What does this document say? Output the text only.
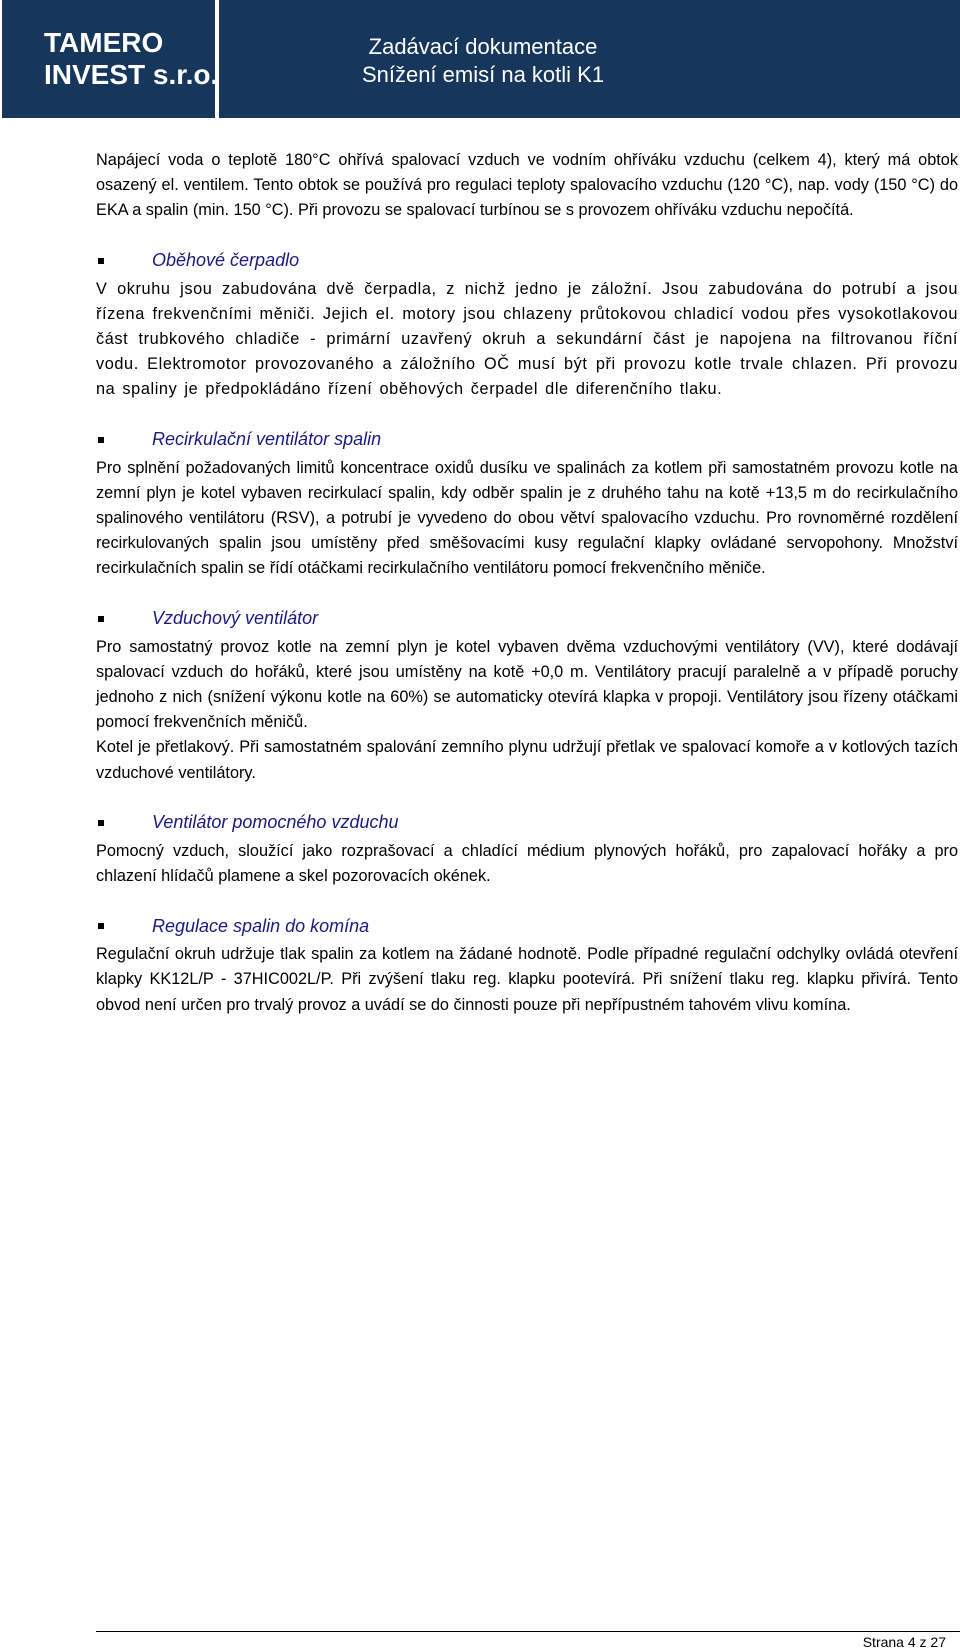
TAMERO
INVEST s.r.o.
Zadávací dokumentace
Snížení emisí na kotli K1

Napájecí voda o teplotě 180°C ohřívá spalovací vzduch ve vodním ohříváku vzduchu (celkem 4), který má obtok osazený el. ventilem. Tento obtok se používá pro regulaci teploty spalovacího vzduchu (120 °C), nap. vody (150 °C) do EKA a spalin (min. 150 °C). Při provozu se spalovací turbínou se s provozem ohříváku vzduchu nepočítá.

Oběhové čerpadlo

V okruhu jsou zabudována dvě čerpadla, z nichž jedno je záložní. Jsou zabudována do potrubí a jsou řízena frekvenčními měniči. Jejich el. motory jsou chlazeny průtokovou chladicí vodou přes vysokotlakovou část trubkového chladiče - primární uzavřený okruh a sekundární část je napojena na filtrovanou říční vodu. Elektromotor provozovaného a záložního OČ musí být při provozu kotle trvale chlazen. Při provozu na spaliny je předpokládáno řízení oběhových čerpadel dle diferenčního tlaku.

Recirkulační ventilátor spalin

Pro splnění požadovaných limitů koncentrace oxidů dusíku ve spalinách za kotlem při samostatném provozu kotle na zemní plyn je kotel vybaven recirkulací spalin, kdy odběr spalin je z druhého tahu na kotě +13,5 m do recirkulačního spalinového ventilátoru (RSV), a potrubí je vyvedeno do obou větví spalovacího vzduchu. Pro rovnoměrné rozdělení recirkulovaných spalin jsou umístěny před směšovacími kusy regulační klapky ovládané servopohony. Množství recirkulačních spalin se řídí otáčkami recirkulačního ventilátoru pomocí frekvenčního měniče.

Vzduchový ventilátor

Pro samostatný provoz kotle na zemní plyn je kotel vybaven dvěma vzduchovými ventilátory (VV), které dodávají spalovací vzduch do hořáků, které jsou umístěny na kotě +0,0 m. Ventilátory pracují paralelně a v případě poruchy jednoho z nich (snížení výkonu kotle na 60%) se automaticky otevírá klapka v propoji. Ventilátory jsou řízeny otáčkami pomocí frekvenčních měničů.

Kotel je přetlakový. Při samostatném spalování zemního plynu udržují přetlak ve spalovací komoře a v kotlových tazích vzduchové ventilátory.

Ventilátor pomocného vzduchu

Pomocný vzduch, sloužící jako rozprašovací a chladící médium plynových hořáků, pro zapalovací hořáky a pro chlazení hlídačů plamene a skel pozorovacích okének.

Regulace spalin do komína

Regulační okruh udržuje tlak spalin za kotlem na žádané hodnotě. Podle případné regulační odchylky ovládá otevření klapky KK12L/P - 37HIC002L/P. Při zvýšení tlaku reg. klapku pootevírá. Při snížení tlaku reg. klapku přivírá. Tento obvod není určen pro trvalý provoz a uvádí se do činnosti pouze při nepřípustném tahovém vlivu komína.

Strana 4 z 27
